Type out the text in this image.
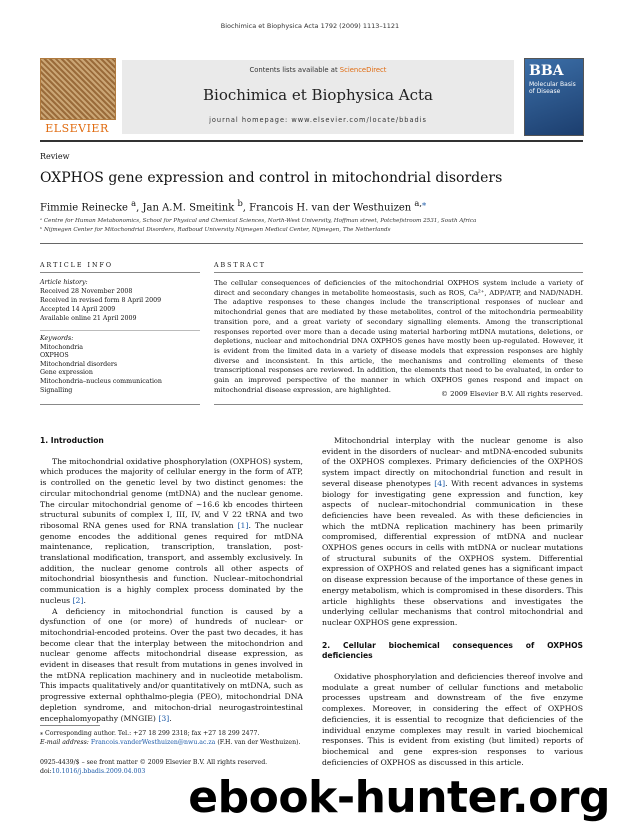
Biochimica et Biophysica Acta 1792 (2009) 1113–1121
ELSEVIER
Contents lists available at ScienceDirect
Biochimica et Biophysica Acta
journal homepage: www.elsevier.com/locate/bbadis
BBA
Molecular Basis of Disease
Review
OXPHOS gene expression and control in mitochondrial disorders
Fimmie Reinecke $^a$, Jan A.M. Smeitink $^b$, Francois H. van der Westhuizen $^{a,⁎}$
ᵃ Centre for Human Metabonomics, School for Physical and Chemical Sciences, North-West University, Hoffman street, Potchefstroom 2531, South Africa
ᵇ Nijmegen Center for Mitochondrial Disorders, Radboud University Nijmegen Medical Center, Nijmegen, The Netherlands
ARTICLE INFO	ABSTRACT
Article history:
Received 28 November 2008
Received in revised form 8 April 2009
Accepted 14 April 2009
Available online 21 April 2009
Keywords:
Mitochondria
OXPHOS
Mitochondrial disorders
Gene expression
Mitochondria–nucleus communication
Signalling
The cellular consequences of deficiencies of the mitochondrial OXPHOS system include a variety of direct and secondary changes in metabolite homeostasis, such as ROS, Ca²⁺, ADP/ATP, and NAD/NADH. The adaptive responses to these changes include the transcriptional responses of nuclear and mitochondrial genes that are mediated by these metabolites, control of the mitochondria permeability transition pore, and a great variety of secondary signalling elements. Among the transcriptional responses reported over more than a decade using material harboring mtDNA mutations, deletions, or depletions, nuclear and mitochondrial DNA OXPHOS genes have mostly been up-regulated. However, it is evident from the limited data in a variety of disease models that expression responses are highly diverse and inconsistent. In this article, the mechanisms and controlling elements of these transcriptional responses are reviewed. In addition, the elements that need to be evaluated, in order to gain an improved perspective of the manner in which OXPHOS genes respond and impact on mitochondrial disease expression, are highlighted.
© 2009 Elsevier B.V. All rights reserved.
1. Introduction

The mitochondrial oxidative phosphorylation (OXPHOS) system, which produces the majority of cellular energy in the form of ATP, is controlled on the genetic level by two distinct genomes: the circular mitochondrial genome (mtDNA) and the nuclear genome. The circular mitochondrial genome of ~16.6 kb encodes thirteen structural subunits of complex I, III, IV, and V 22 tRNA and two ribosomal RNA genes used for RNA translation [1]. The nuclear genome encodes the additional genes required for mtDNA maintenance, replication, transcription, translation, post-translational modification, transport, and assembly exclusively. In addition, the nuclear genome controls all other aspects of mitochondrial biosynthesis and function. Nuclear–mitochondrial communication is a highly complex process dominated by the nucleus [2].

A deficiency in mitochondrial function is caused by a dysfunction of one (or more) of hundreds of nuclear- or mitochondrial-encoded proteins. Over the past two decades, it has become clear that the interplay between the mitochondrion and nuclear genome affects mitochondrial disease expression, as evident in diseases that result from mutations in genes involved in the mtDNA replication machinery and in nucleotide metabolism. This impacts qualitatively and/or quantitatively on mtDNA, such as progressive external ophthalmo-plegia (PEO), mitochondrial DNA depletion syndrome, and mitochon-drial neurogastrointestinal encephalomyopathy (MNGIE) [3].

Mitochondrial interplay with the nuclear genome is also evident in the disorders of nuclear- and mtDNA-encoded subunits of the OXPHOS complexes. Primary deficiencies of the OXPHOS system impact directly on mitochondrial function and result in several disease phenotypes [4]. With recent advances in systems biology for investigating gene expression and function, key aspects of nuclear–mitochondrial communication in these deficiencies have been revealed. As with these deficiencies in which the mtDNA replication machinery has been primarily compromised, differential expression of mtDNA and nuclear OXPHOS genes occurs in cells with mtDNA or nuclear mutations of structural subunits of the OXPHOS system. Differential expression of OXPHOS and related genes has a significant impact on disease expression because of the importance of these genes in energy metabolism, which is compromised in these disorders. This article highlights these observations and investigates the underlying cellular mechanisms that control mitochondrial and nuclear OXPHOS gene expression.

2. Cellular biochemical consequences of OXPHOS deficiencies

Oxidative phosphorylation and deficiencies thereof involve and modulate a great number of cellular functions and metabolic processes upstream and downstream of the five enzyme complexes. Moreover, in considering the effect of OXPHOS deficiencies, it is essential to recognize that deficiencies of the individual enzyme complexes may result in varied biochemical responses. This is evident from existing (but limited) reports of biochemical and gene expres-sion responses to various deficiencies of OXPHOS as discussed in this article.

⁎ Corresponding author. Tel.: +27 18 299 2318; fax +27 18 299 2477.
E-mail address: Francois.vanderWesthuizen@nwu.ac.za (F.H. van der Westhuizen).
0925-4439/$ – see front matter © 2009 Elsevier B.V. All rights reserved.
doi:10.1016/j.bbadis.2009.04.003
ebook-hunter.org
